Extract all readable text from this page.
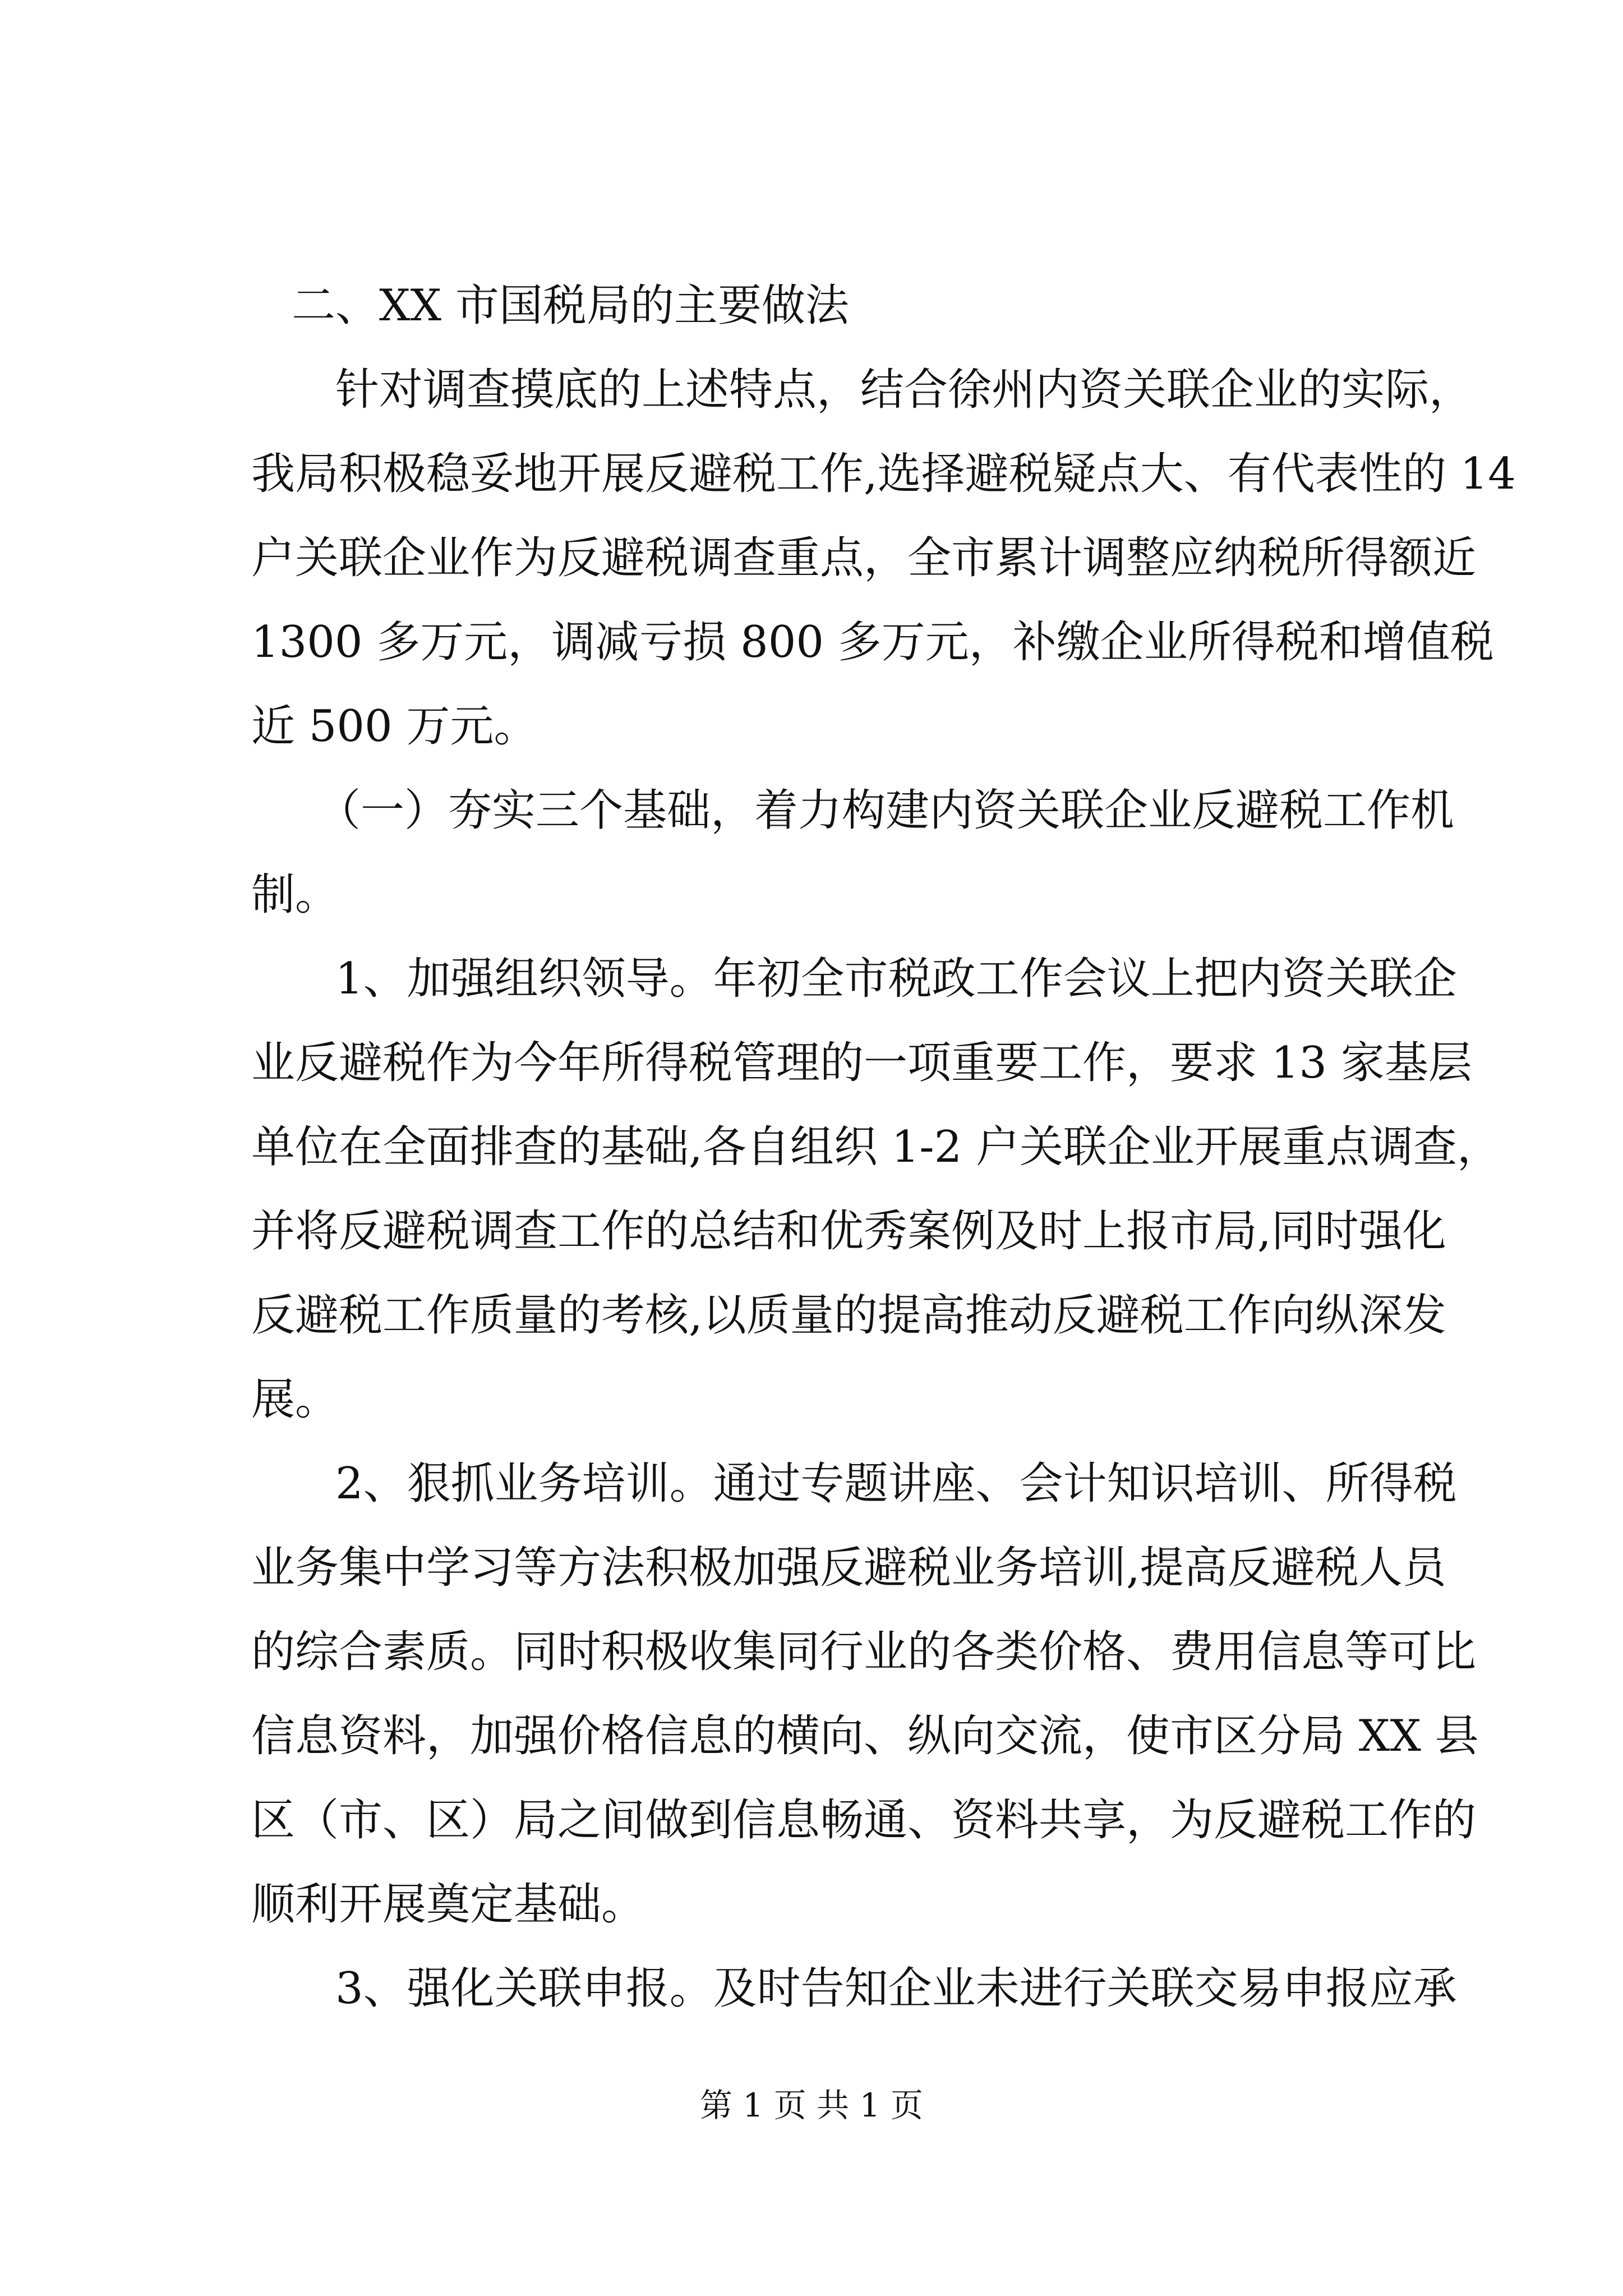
二、XX 市国税局的主要做法
针对调查摸底的上述特点，结合徐州内资关联企业的实际，
我局积极稳妥地开展反避税工作,选择避税疑点大、有代表性的 14
户关联企业作为反避税调查重点，全市累计调整应纳税所得额近
1300 多万元，调减亏损 800 多万元，补缴企业所得税和增值税
近 500 万元。
（一）夯实三个基础，着力构建内资关联企业反避税工作机
制。
1、加强组织领导。年初全市税政工作会议上把内资关联企
业反避税作为今年所得税管理的一项重要工作，要求 13 家基层
单位在全面排查的基础,各自组织 1-2 户关联企业开展重点调查，
并将反避税调查工作的总结和优秀案例及时上报市局,同时强化
反避税工作质量的考核,以质量的提高推动反避税工作向纵深发
展。
2、狠抓业务培训。通过专题讲座、会计知识培训、所得税
业务集中学习等方法积极加强反避税业务培训,提高反避税人员
的综合素质。同时积极收集同行业的各类价格、费用信息等可比
信息资料，加强价格信息的横向、纵向交流，使市区分局 XX 县
区（市、区）局之间做到信息畅通、资料共享，为反避税工作的
顺利开展奠定基础。
3、强化关联申报。及时告知企业未进行关联交易申报应承
第 1 页 共 1 页
